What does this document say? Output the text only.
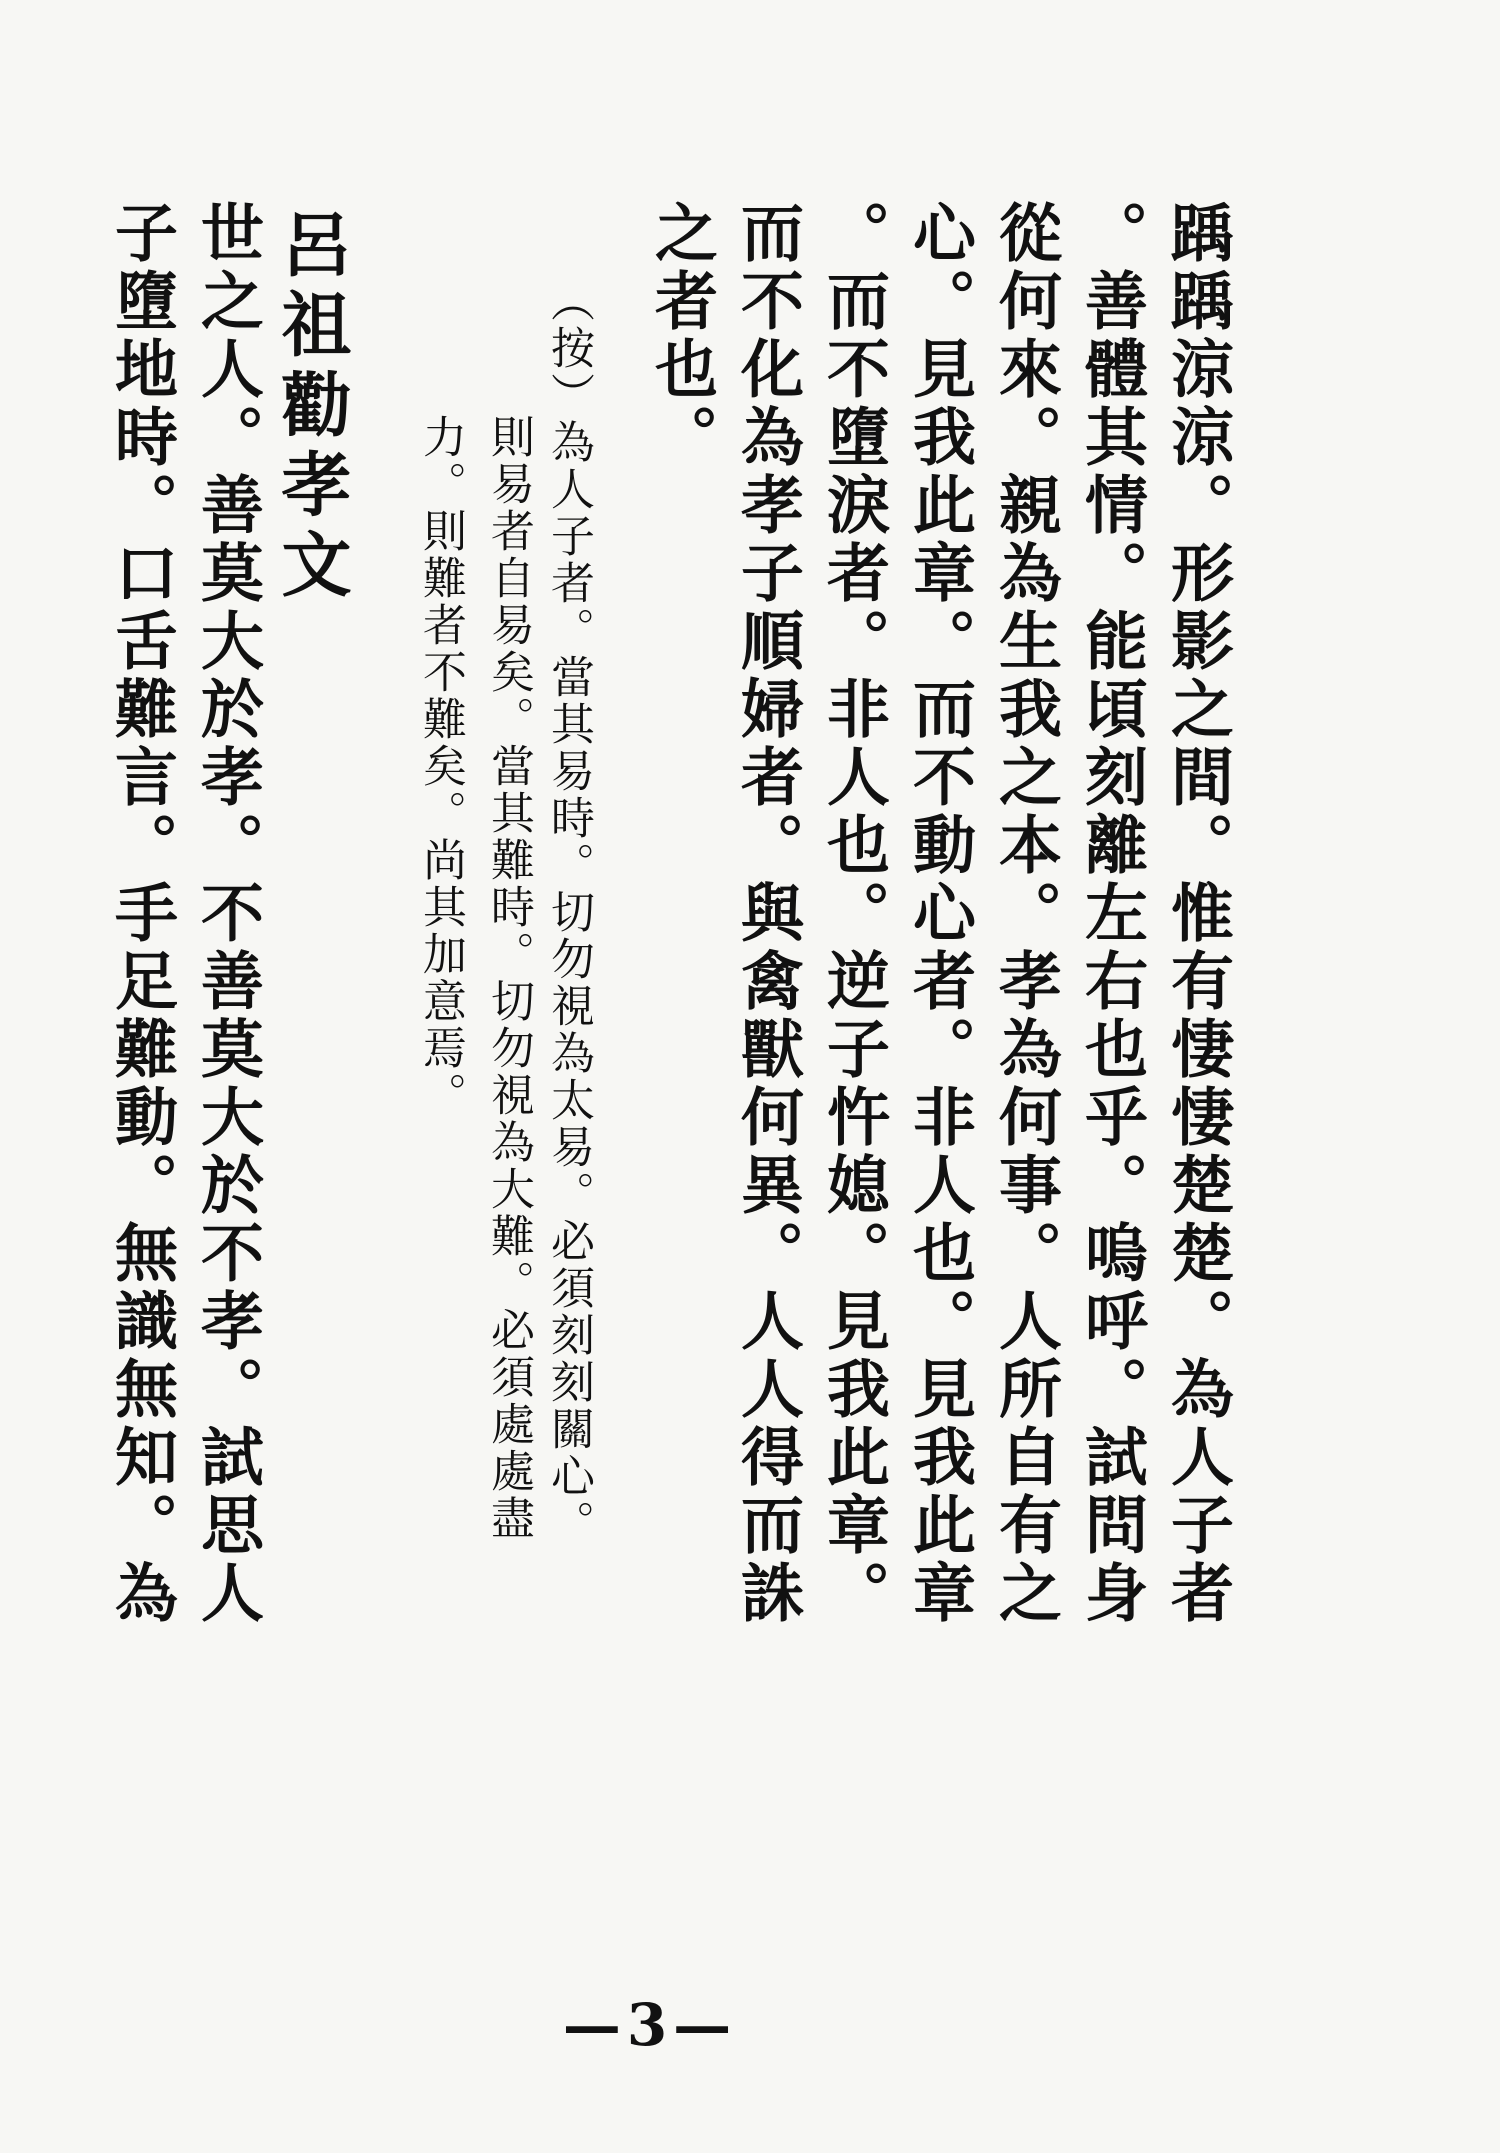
踽踽涼涼。形影之間。惟有悽悽楚楚。為人子者

。善體其情。能頃刻離左右也乎。嗚呼。試問身

從何來。親為生我之本。孝為何事。人所自有之

心。見我此章。而不動心者。非人也。見我此章

。而不墮淚者。非人也。逆子忤媳。見我此章。

而不化為孝子順婦者。與禽獸何異。人人得而誅

之者也。

（按）為人子者。當其易時。切勿視為太易。必須刻刻關心。

則易者自易矣。當其難時。切勿視為大難。必須處處盡

力。則難者不難矣。尚其加意焉。

呂祖勸孝文

世之人。善莫大於孝。不善莫大於不孝。試思人

子墮地時。口舌難言。手足難動。無識無知。為

—3—
